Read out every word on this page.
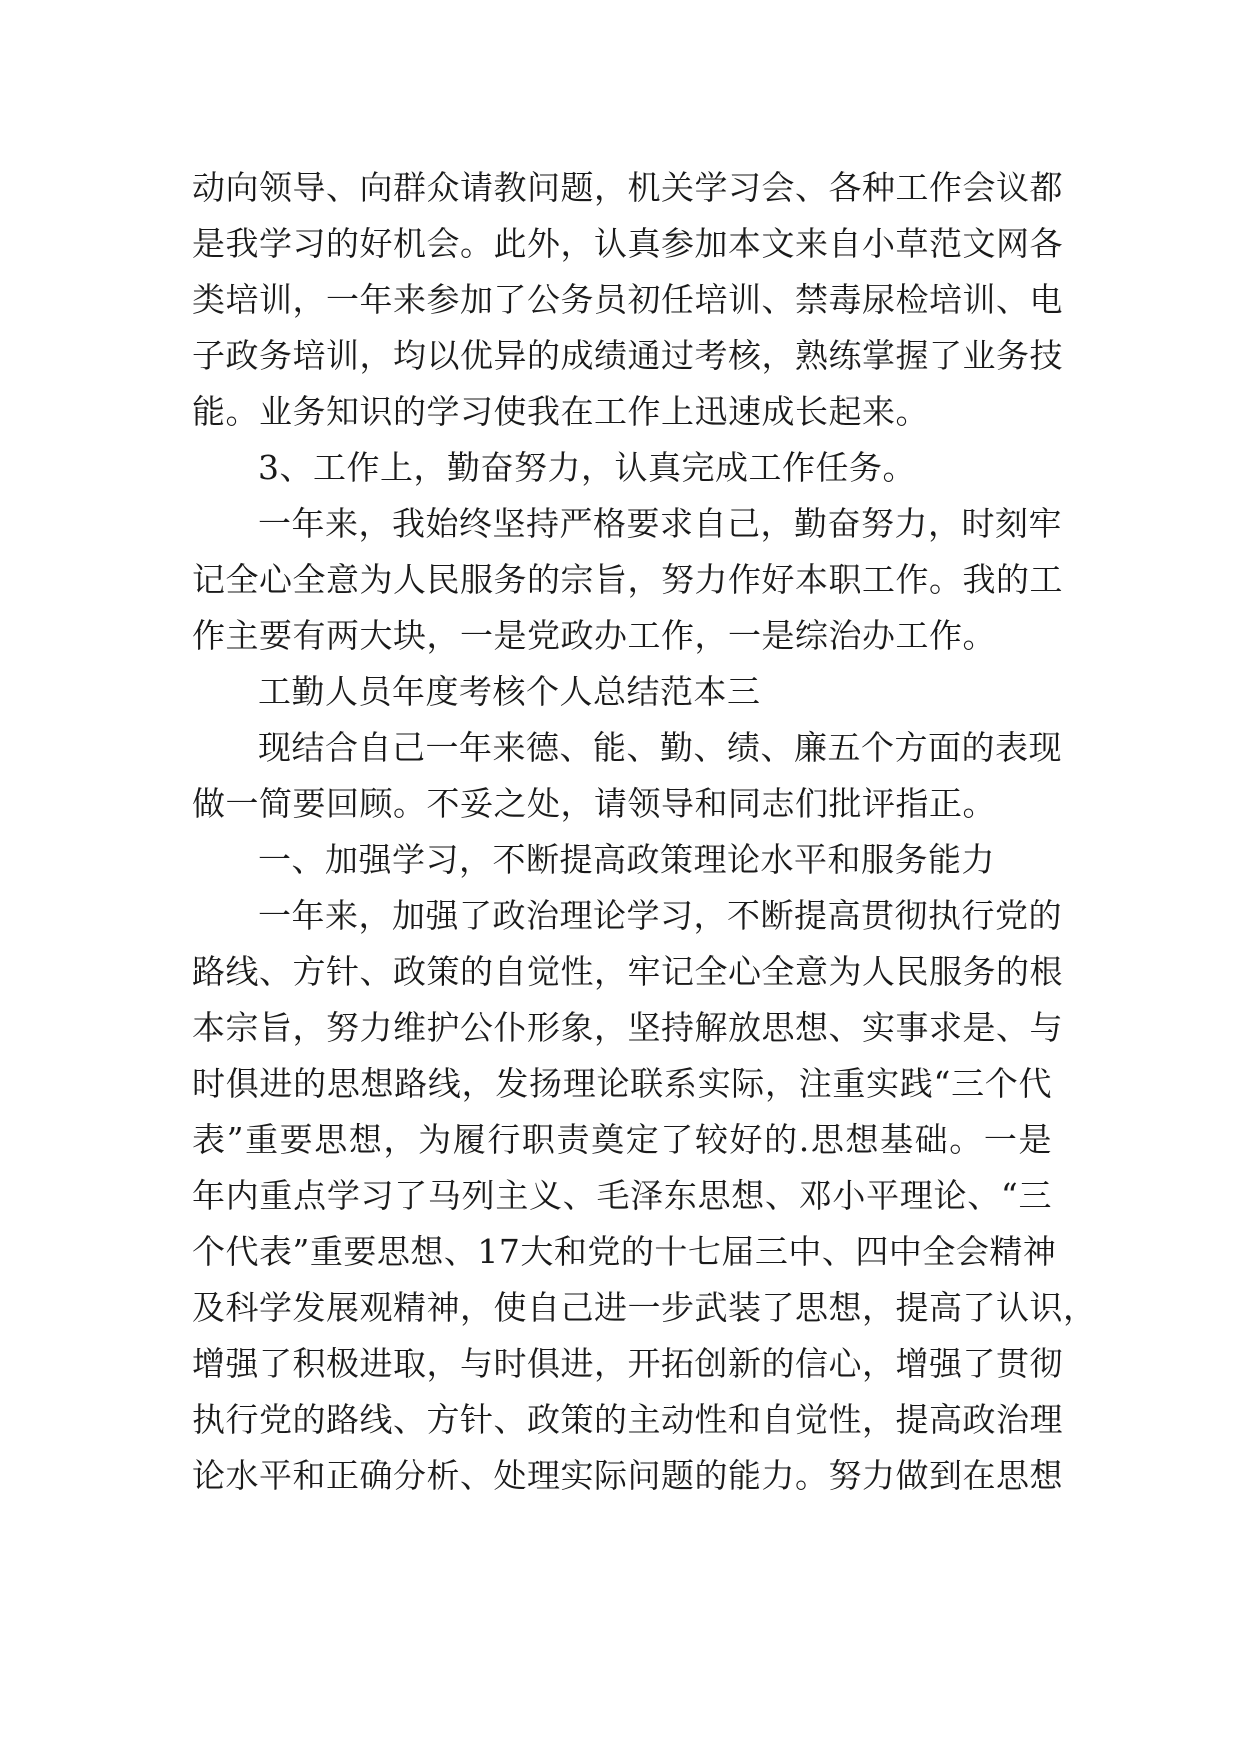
动向领导、向群众请教问题，机关学习会、各种工作会议都
是我学习的好机会。此外，认真参加本文来自小草范文网各
类培训，一年来参加了公务员初任培训、禁毒尿检培训、电
子政务培训，均以优异的成绩通过考核，熟练掌握了业务技
能。业务知识的学习使我在工作上迅速成长起来。
3、工作上，勤奋努力，认真完成工作任务。
一年来，我始终坚持严格要求自己，勤奋努力，时刻牢
记全心全意为人民服务的宗旨，努力作好本职工作。我的工
作主要有两大块，一是党政办工作，一是综治办工作。
工勤人员年度考核个人总结范本三
现结合自己一年来德、能、勤、绩、廉五个方面的表现
做一简要回顾。不妥之处，请领导和同志们批评指正。
一、加强学习，不断提高政策理论水平和服务能力
一年来，加强了政治理论学习，不断提高贯彻执行党的
路线、方针、政策的自觉性，牢记全心全意为人民服务的根
本宗旨，努力维护公仆形象，坚持解放思想、实事求是、与
时俱进的思想路线，发扬理论联系实际，注重实践“三个代
表”重要思想，为履行职责奠定了较好的.思想基础。一是
年内重点学习了马列主义、毛泽东思想、邓小平理论、“三
个代表”重要思想、17大和党的十七届三中、四中全会精神
及科学发展观精神，使自己进一步武装了思想，提高了认识，
增强了积极进取，与时俱进，开拓创新的信心，增强了贯彻
执行党的路线、方针、政策的主动性和自觉性，提高政治理
论水平和正确分析、处理实际问题的能力。努力做到在思想
